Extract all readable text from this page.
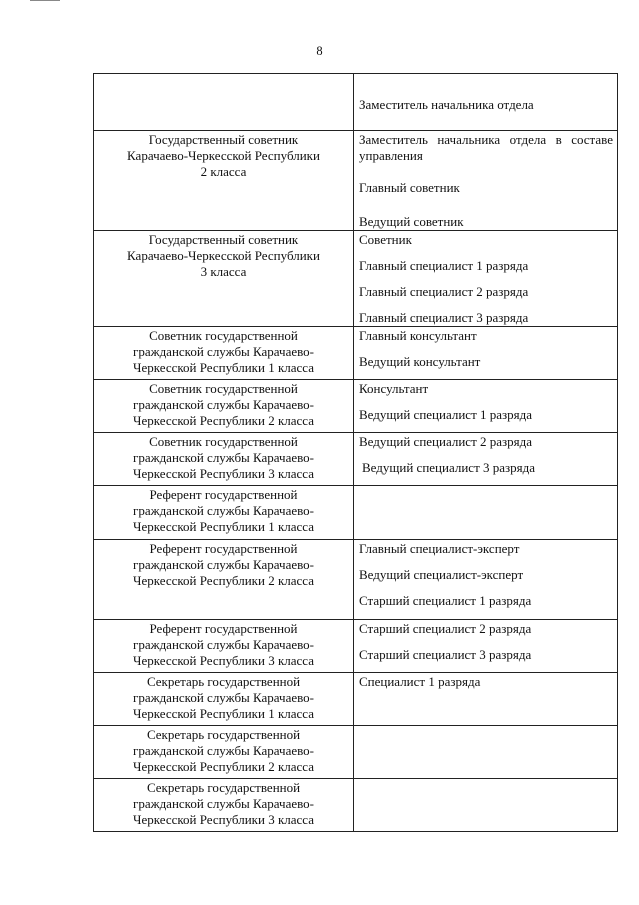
8

	Заместитель начальника отдела

Государственный советник
Карачаево-Черкесской Республики
2 класса	Заместитель начальника отдела в составе управления
Главный советник
Ведущий советник

Государственный советник
Карачаево-Черкесской Республики
3 класса	Советник
Главный специалист 1 разряда
Главный специалист 2 разряда
Главный специалист 3 разряда

Советник государственной
гражданской службы Карачаево-
Черкесской Республики 1 класса	Главный консультант
Ведущий консультант

Советник государственной
гражданской службы Карачаево-
Черкесской Республики 2 класса	Консультант
Ведущий специалист 1 разряда

Советник государственной
гражданской службы Карачаево-
Черкесской Республики 3 класса	Ведущий специалист 2 разряда
Ведущий специалист 3 разряда

Референт государственной
гражданской службы Карачаево-
Черкесской Республики 1 класса	

Референт государственной
гражданской службы Карачаево-
Черкесской Республики 2 класса	Главный специалист-эксперт
Ведущий специалист-эксперт
Старший специалист 1 разряда

Референт государственной
гражданской службы Карачаево-
Черкесской Республики 3 класса	Старший специалист 2 разряда
Старший специалист 3 разряда

Секретарь государственной
гражданской службы Карачаево-
Черкесской Республики 1 класса	Специалист 1 разряда

Секретарь государственной
гражданской службы Карачаево-
Черкесской Республики 2 класса	

Секретарь государственной
гражданской службы Карачаево-
Черкесской Республики 3 класса	
